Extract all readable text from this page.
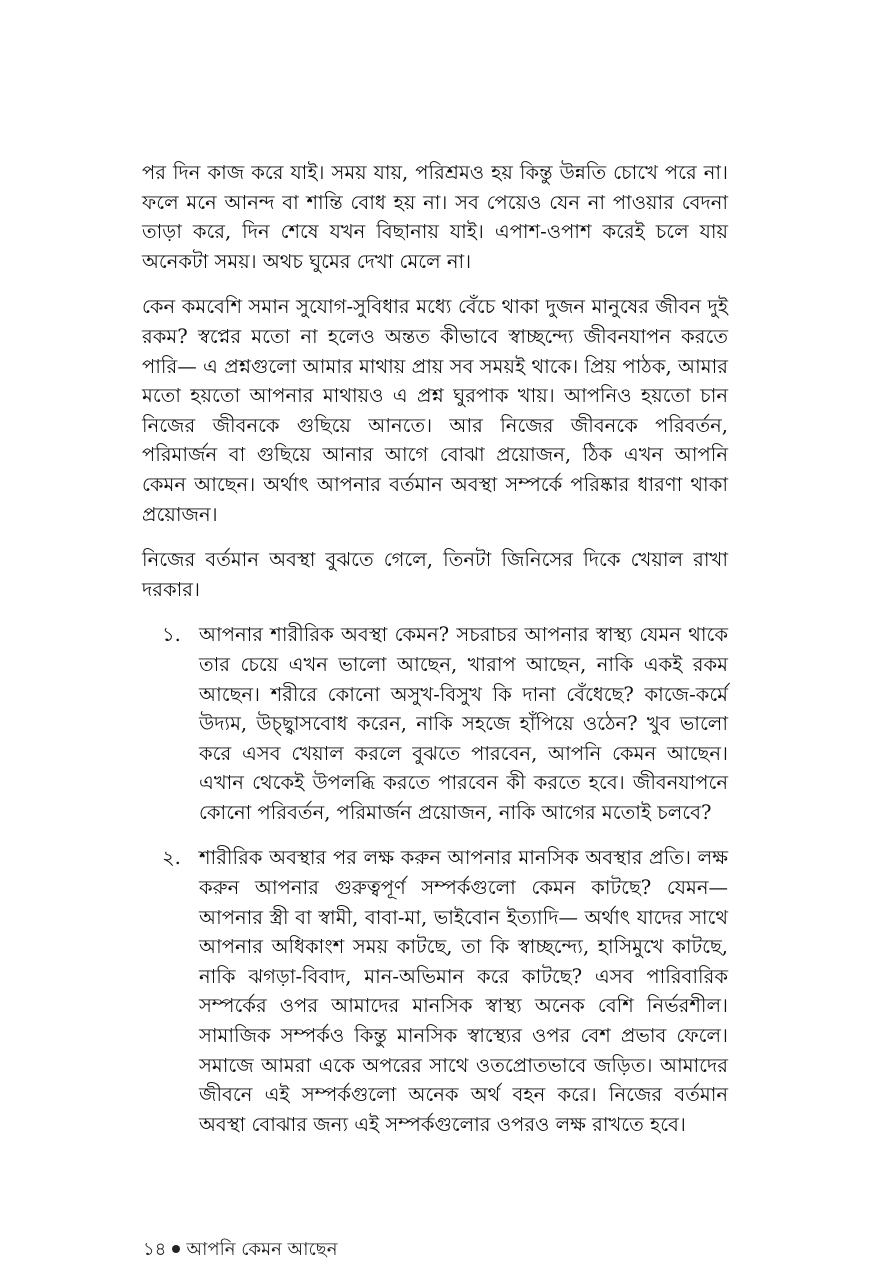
পর দিন কাজ করে যাই। সময় যায়, পরিশ্রমও হয় কিন্তু উন্নতি চোখে পরে না। ফলে মনে আনন্দ বা শান্তি বোধ হয় না। সব পেয়েও যেন না পাওয়ার বেদনা তাড়া করে, দিন শেষে যখন বিছানায় যাই। এপাশ-ওপাশ করেই চলে যায় অনেকটা সময়। অথচ ঘুমের দেখা মেলে না।

কেন কমবেশি সমান সুযোগ-সুবিধার মধ্যে বেঁচে থাকা দুজন মানুষের জীবন দুই রকম? স্বপ্নের মতো না হলেও অন্তত কীভাবে স্বাচ্ছন্দ্যে জীবনযাপন করতে পারি— এ প্রশ্নগুলো আমার মাথায় প্রায় সব সময়ই থাকে। প্রিয় পাঠক, আমার মতো হয়তো আপনার মাথায়ও এ প্রশ্ন ঘুরপাক খায়। আপনিও হয়তো চান নিজের জীবনকে গুছিয়ে আনতে। আর নিজের জীবনকে পরিবর্তন, পরিমার্জন বা গুছিয়ে আনার আগে বোঝা প্রয়োজন, ঠিক এখন আপনি কেমন আছেন। অর্থাৎ আপনার বর্তমান অবস্থা সম্পর্কে পরিষ্কার ধারণা থাকা প্রয়োজন।

নিজের বর্তমান অবস্থা বুঝতে গেলে, তিনটা জিনিসের দিকে খেয়াল রাখা দরকার।

১. আপনার শারীরিক অবস্থা কেমন? সচরাচর আপনার স্বাস্থ্য যেমন থাকে তার চেয়ে এখন ভালো আছেন, খারাপ আছেন, নাকি একই রকম আছেন। শরীরে কোনো অসুখ-বিসুখ কি দানা বেঁধেছে? কাজে-কর্মে উদ্যম, উচ্ছ্বাসবোধ করেন, নাকি সহজে হাঁপিয়ে ওঠেন? খুব ভালো করে এসব খেয়াল করলে বুঝতে পারবেন, আপনি কেমন আছেন। এখান থেকেই উপলব্ধি করতে পারবেন কী করতে হবে। জীবনযাপনে কোনো পরিবর্তন, পরিমার্জন প্রয়োজন, নাকি আগের মতোই চলবে?
২. শারীরিক অবস্থার পর লক্ষ করুন আপনার মানসিক অবস্থার প্রতি। লক্ষ করুন আপনার গুরুত্বপূর্ণ সম্পর্কগুলো কেমন কাটছে? যেমন— আপনার স্ত্রী বা স্বামী, বাবা-মা, ভাইবোন ইত্যাদি— অর্থাৎ যাদের সাথে আপনার অধিকাংশ সময় কাটছে, তা কি স্বাচ্ছন্দ্যে, হাসিমুখে কাটছে, নাকি ঝগড়া-বিবাদ, মান-অভিমান করে কাটছে? এসব পারিবারিক সম্পর্কের ওপর আমাদের মানসিক স্বাস্থ্য অনেক বেশি নির্ভরশীল। সামাজিক সম্পর্কও কিন্তু মানসিক স্বাস্থ্যের ওপর বেশ প্রভাব ফেলে। সমাজে আমরা একে অপরের সাথে ওতপ্রোতভাবে জড়িত। আমাদের জীবনে এই সম্পর্কগুলো অনেক অর্থ বহন করে। নিজের বর্তমান অবস্থা বোঝার জন্য এই সম্পর্কগুলোর ওপরও লক্ষ রাখতে হবে।
১৪ আপনি কেমন আছেন
